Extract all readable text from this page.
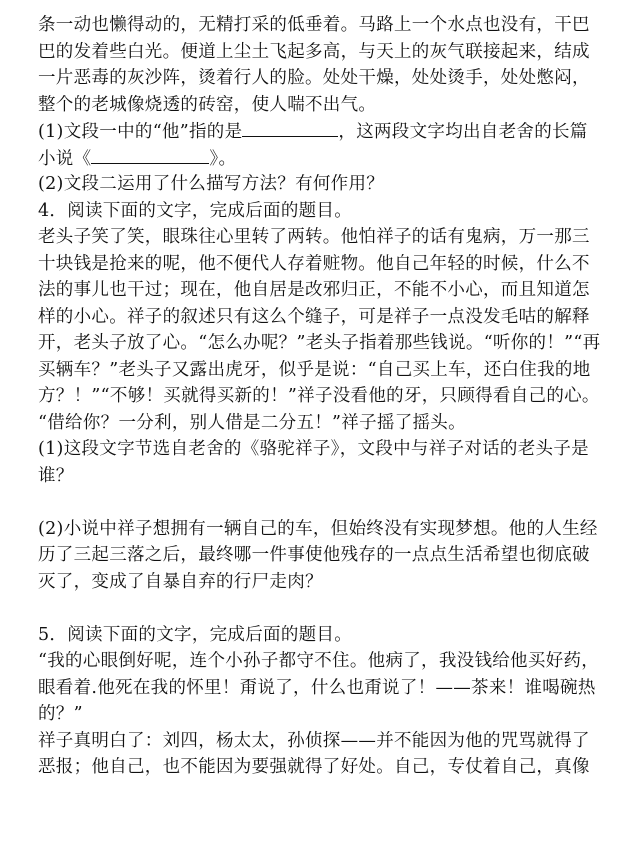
条一动也懒得动的，无精打采的低垂着。马路上一个水点也没有，干巴
巴的发着些白光。便道上尘土飞起多高，与天上的灰气联接起来，结成
一片恶毒的灰沙阵，烫着行人的脸。处处干燥，处处烫手，处处憋闷，
整个的老城像烧透的砖窑，使人喘不出气。
(1)文段一中的“他”指的是	，这两段文字均出自老舍的长篇
小说《	》。
(2)文段二运用了什么描写方法？有何作用？
4．阅读下面的文字，完成后面的题目。
老头子笑了笑，眼珠往心里转了两转。他怕祥子的话有鬼病，万一那三
十块钱是抢来的呢，他不便代人存着赃物。他自己年轻的时候，什么不
法的事儿也干过；现在，他自居是改邪归正，不能不小心，而且知道怎
样的小心。祥子的叙述只有这么个缝子，可是祥子一点没发毛咕的解释
开，老头子放了心。“怎么办呢？”老头子指着那些钱说。“听你的！”“再
买辆车？”老头子又露出虎牙，似乎是说：“自己买上车，还白住我的地
方？！”“不够！买就得买新的！”祥子没看他的牙，只顾得看自己的心。
“借给你？一分利，别人借是二分五！”祥子摇了摇头。
(1)这段文字节选自老舍的《骆驼祥子》，文段中与祥子对话的老头子是
谁？
(2)小说中祥子想拥有一辆自己的车，但始终没有实现梦想。他的人生经
历了三起三落之后，最终哪一件事使他残存的一点点生活希望也彻底破
灭了，变成了自暴自弃的行尸走肉？
5．阅读下面的文字，完成后面的题目。
“我的心眼倒好呢，连个小孙子都守不住。他病了，我没钱给他买好药，
眼看着.他死在我的怀里！甭说了，什么也甭说了！——茶来！谁喝碗热
的？”
祥子真明白了：刘四，杨太太，孙侦探——并不能因为他的咒骂就得了
恶报；他自己，也不能因为要强就得了好处。自己，专仗着自己，真像
